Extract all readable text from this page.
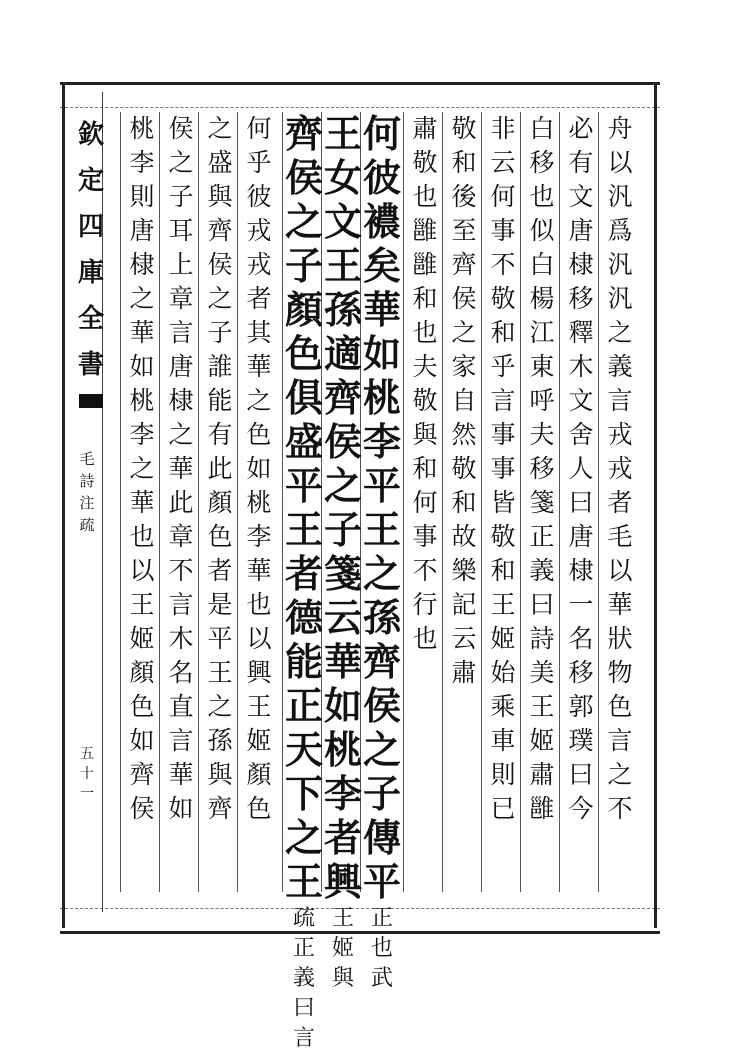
欽
定
四
庫
全
書
毛
詩
注
疏
五
十
一
舟
以
汎
爲
汎
汎
之
義
言
戎
戎
者
毛
以
華
狀
物
色
言
之
不
必
有
文
唐
棣
移
釋
木
文
舍
人
曰
唐
棣
一
名
移
郭
璞
曰
今
白
移
也
似
白
楊
江
東
呼
夫
移
箋
正
義
曰
詩
美
王
姬
肅
雝
非
云
何
事
不
敬
和
乎
言
事
事
皆
敬
和
王
姬
始
乘
車
則
已
敬
和
後
至
齊
侯
之
家
自
然
敬
和
故
樂
記
云
肅
肅
敬
也
雝
雝
和
也
夫
敬
與
和
何
事
不
行
也
何
彼
襛
矣
華
如
桃
李
平
王
之
孫
齊
侯
之
子
傳
平
正
也
武
王
女
文
王
孫
適
齊
侯
之
子
箋
云
華
如
桃
李
者
興
王
姬
與
齊
侯
之
子
顏
色
俱
盛
平
王
者
德
能
正
天
下
之
王
疏
正
義
曰
言
何
乎
彼
戎
戎
者
其
華
之
色
如
桃
李
華
也
以
興
王
姬
顏
色
之
盛
與
齊
侯
之
子
誰
能
有
此
顏
色
者
是
平
王
之
孫
與
齊
侯
之
子
耳
上
章
言
唐
棣
之
華
此
章
不
言
木
名
直
言
華
如
桃
李
則
唐
棣
之
華
如
桃
李
之
華
也
以
王
姬
顏
色
如
齊
侯
